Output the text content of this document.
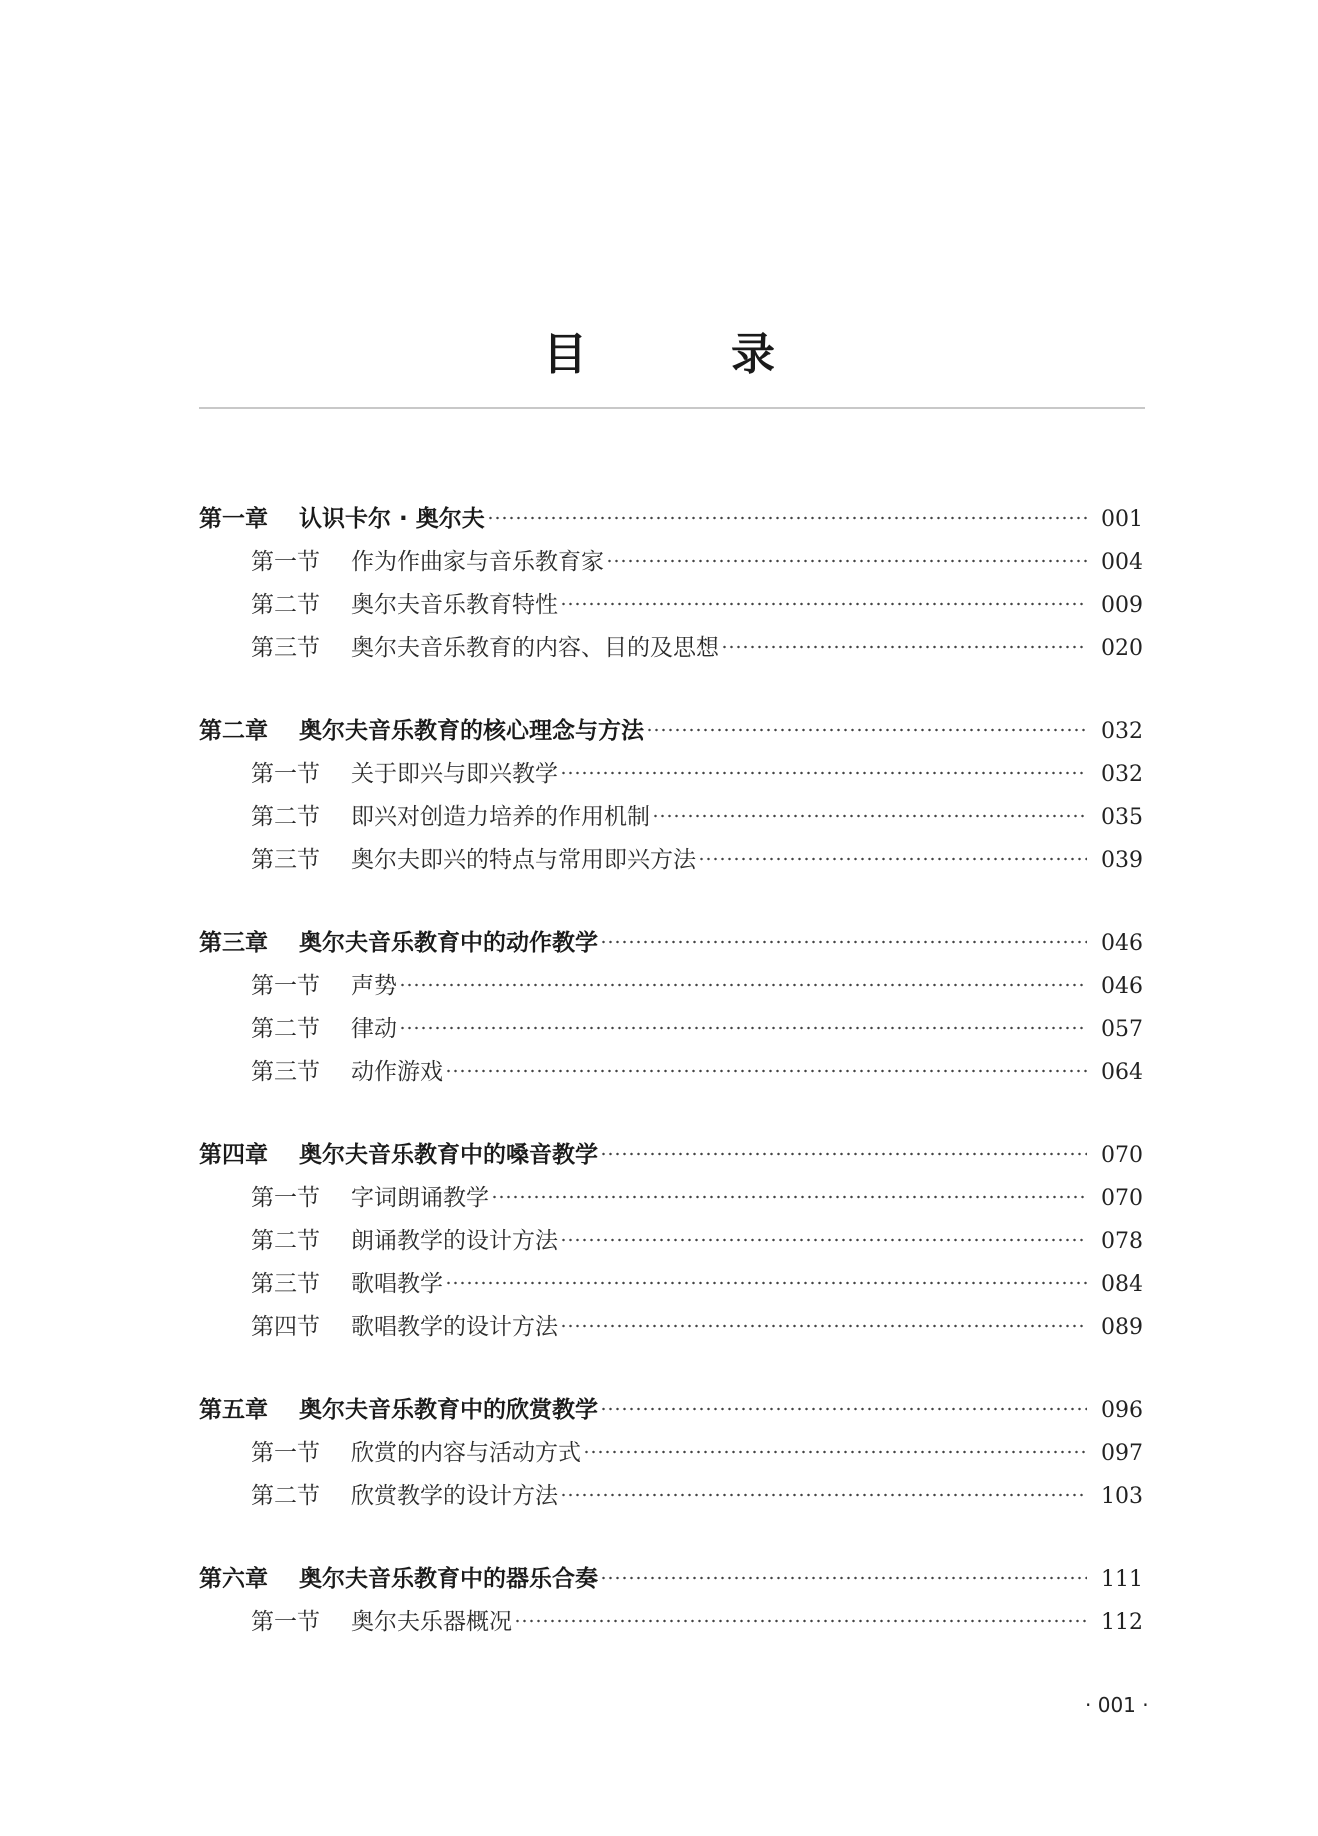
目　录
第一章	认识卡尔 · 奥尔夫	001
第一节	作为作曲家与音乐教育家	004
第二节	奥尔夫音乐教育特性	009
第三节	奥尔夫音乐教育的内容、目的及思想	020
第二章	奥尔夫音乐教育的核心理念与方法	032
第一节	关于即兴与即兴教学	032
第二节	即兴对创造力培养的作用机制	035
第三节	奥尔夫即兴的特点与常用即兴方法	039
第三章	奥尔夫音乐教育中的动作教学	046
第一节	声势	046
第二节	律动	057
第三节	动作游戏	064
第四章	奥尔夫音乐教育中的嗓音教学	070
第一节	字词朗诵教学	070
第二节	朗诵教学的设计方法	078
第三节	歌唱教学	084
第四节	歌唱教学的设计方法	089
第五章	奥尔夫音乐教育中的欣赏教学	096
第一节	欣赏的内容与活动方式	097
第二节	欣赏教学的设计方法	103
第六章	奥尔夫音乐教育中的器乐合奏	111
第一节	奥尔夫乐器概况	112
· 001 ·
